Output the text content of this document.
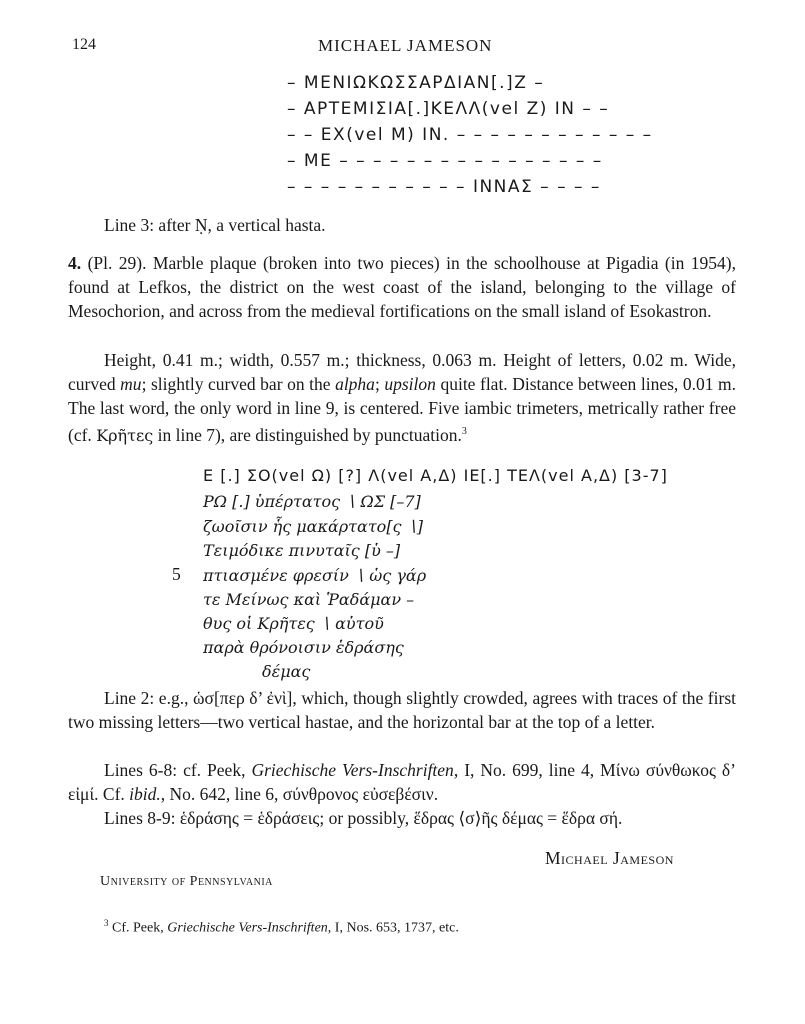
124	MICHAEL JAMESON
– ΜΕΝΙΩΚΩΣΣΑΡΔΙΑΝ[.]Ζ –
– ΑΡΤΕΜΙΣΙΑ[.]ΚΕΛΛ(vel Ζ) ΙΝ – –
– – ΕΧ(vel Μ) ΙΝ. – – – – – – – – – – – –
– ΜΕ – – – – – – – – – – – – – – – –
– – – – – – – – – – – ΙΝΝΑΣ – – – –
Line 3: after Ṇ, a vertical hasta.
4. (Pl. 29). Marble plaque (broken into two pieces) in the schoolhouse at Pigadia (in 1954), found at Lefkos, the district on the west coast of the island, belonging to the village of Mesochorion, and across from the medieval fortifications on the small island of Esokastron.
Height, 0.41 m.; width, 0.557 m.; thickness, 0.063 m. Height of letters, 0.02 m. Wide, curved mu; slightly curved bar on the alpha; upsilon quite flat. Distance between lines, 0.01 m. The last word, the only word in line 9, is centered. Five iambic trimeters, metrically rather free (cf. Κρῆτες in line 7), are distinguished by punctuation.$^3$
Ε [.] ΣΟ(vel Ω) [?] Λ(vel Α,Δ) ΙΕ[.] ΤΕΛ(vel Α,Δ) [3-7]
ΡΩ [.] ὑπέρτατος ∖ ΩΣ [–7]
ζωοῖσιν ἧς μακάρτατο[ς ∖]
Τειμόδικε πινυταῖς [ὑ –]
5 πτιασμένε φρεσίν ∖ ὡς γάρ
τε Μείνως καὶ Ῥαδάμαν –
θυς οἱ Κρῆτες ∖ αὐτοῦ
παρὰ θρόνοισιν ἑδράσης
δέμας
Line 2: e.g., ὡσ[περ δ’ ἐνὶ], which, though slightly crowded, agrees with traces of the first two missing letters—two vertical hastae, and the horizontal bar at the top of a letter.
Lines 6-8: cf. Peek, Griechische Vers-Inschriften, I, No. 699, line 4, Μίνω σύνθωκος δ’ εἰμί. Cf. ibid., No. 642, line 6, σύνθρονος εὐσεβέσιν.
Lines 8-9: ἑδράσης = ἑδράσεις; or possibly, ἕδρας ⟨σ⟩ῆς δέμας = ἕδρα σή.
Michael Jameson
University of Pennsylvania
$^3$ Cf. Peek, Griechische Vers-Inschriften, I, Nos. 653, 1737, etc.
